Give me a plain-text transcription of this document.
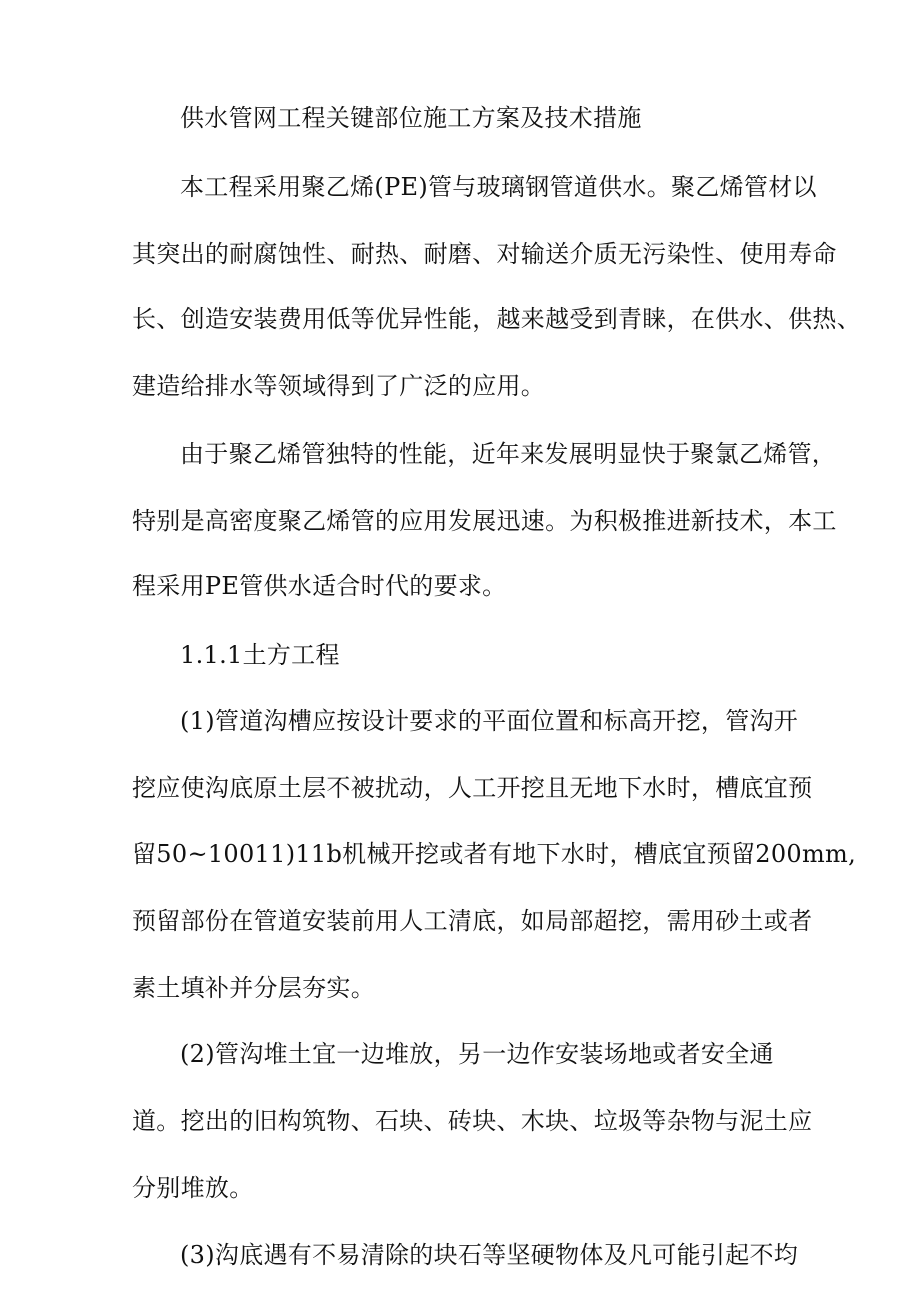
供水管网工程关键部位施工方案及技术措施

本工程采用聚乙烯(PE)管与玻璃钢管道供水。聚乙烯管材以

其突出的耐腐蚀性、耐热、耐磨、对输送介质无污染性、使用寿命

长、创造安装费用低等优异性能，越来越受到青睐，在供水、供热、

建造给排水等领域得到了广泛的应用。

由于聚乙烯管独特的性能，近年来发展明显快于聚氯乙烯管，

特别是高密度聚乙烯管的应用发展迅速。为积极推进新技术，本工

程采用PE管供水适合时代的要求。

1.1.1土方工程

(1)管道沟槽应按设计要求的平面位置和标高开挖，管沟开

挖应使沟底原土层不被扰动，人工开挖且无地下水时，槽底宜预

留50~10011)11b机械开挖或者有地下水时，槽底宜预留200mm,

预留部份在管道安装前用人工清底，如局部超挖，需用砂土或者

素土填补并分层夯实。

(2)管沟堆土宜一边堆放，另一边作安装场地或者安全通

道。挖出的旧构筑物、石块、砖块、木块、垃圾等杂物与泥土应

分别堆放。

(3)沟底遇有不易清除的块石等坚硬物体及凡可能引起不均
